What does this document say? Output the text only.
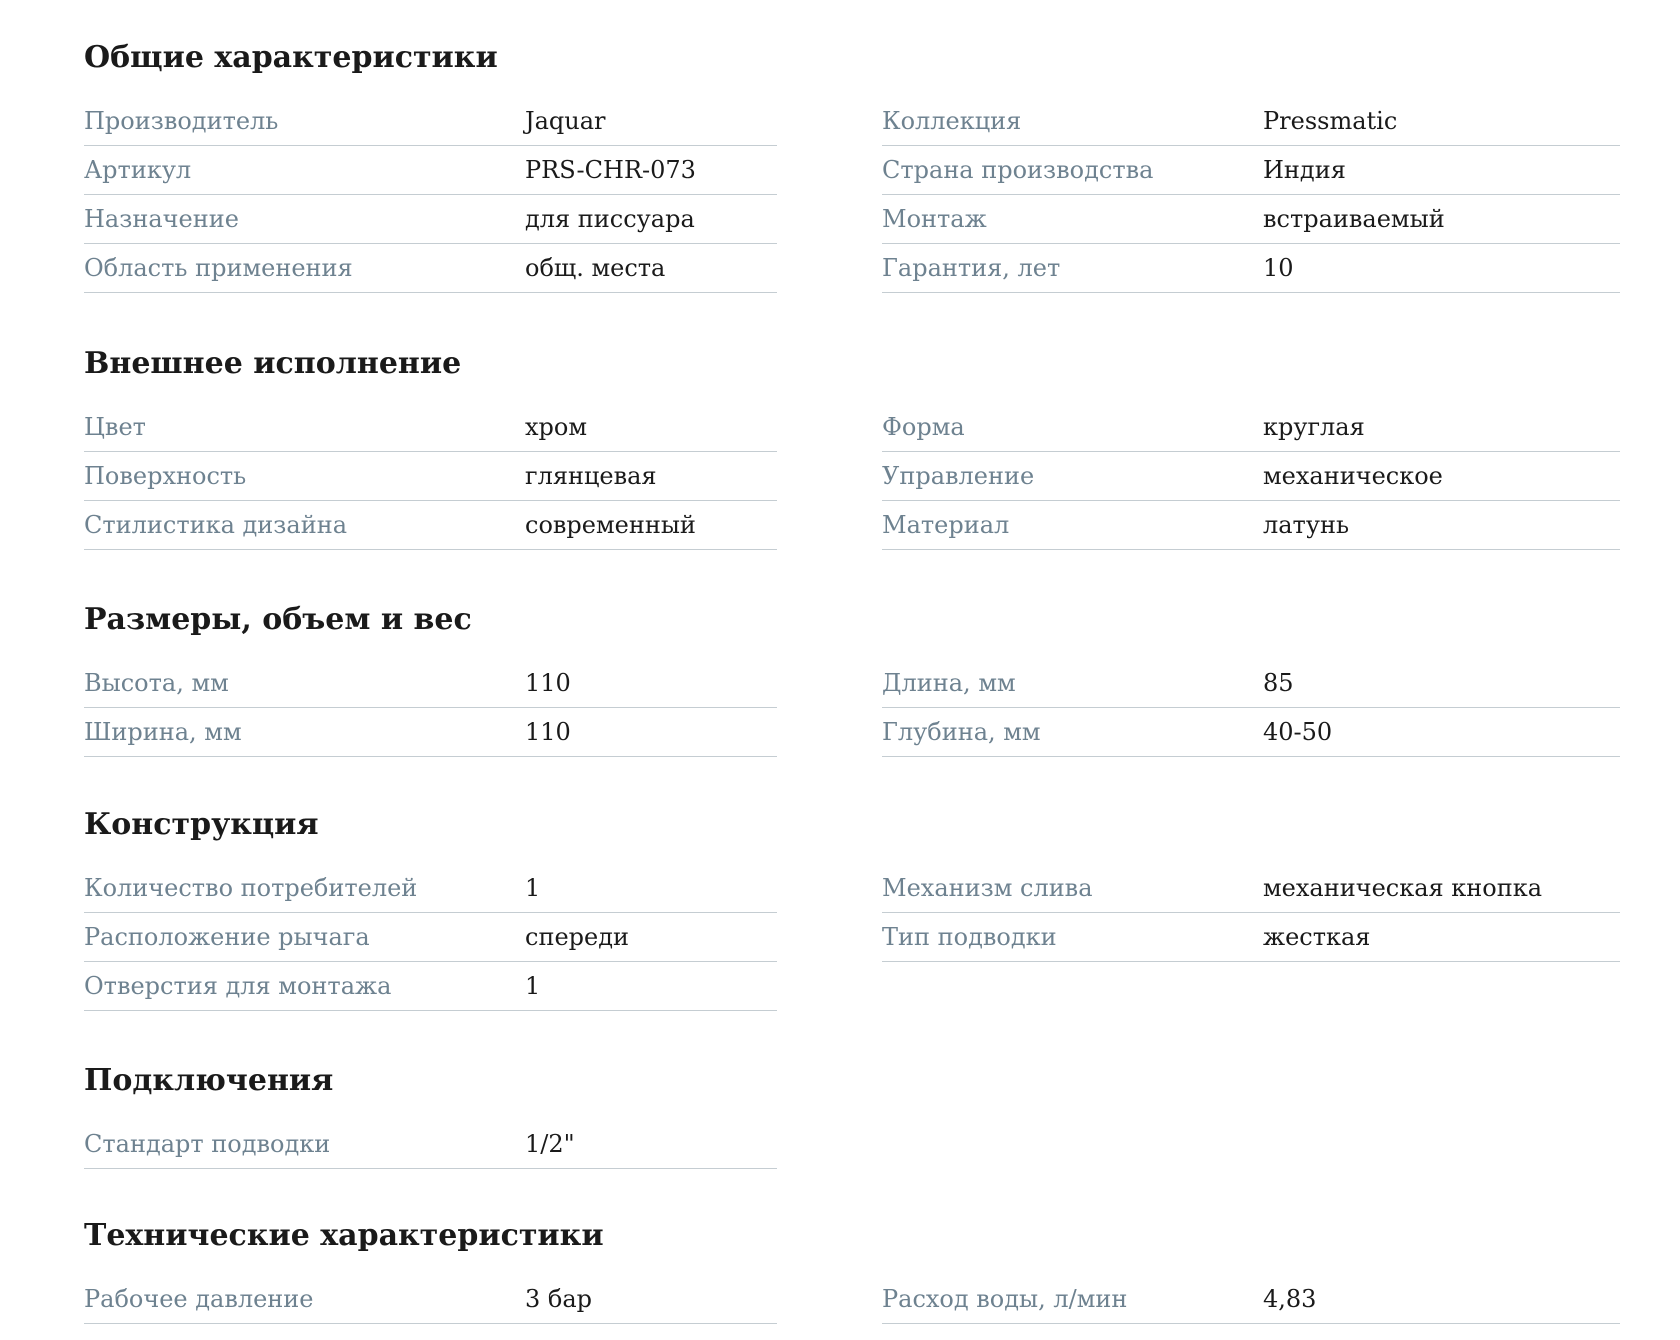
Общие характеристики
Производитель	Jaquar
Артикул	PRS-CHR-073
Назначение	для писсуара
Область применения	общ. места
Коллекция	Pressmatic
Страна производства	Индия
Монтаж	встраиваемый
Гарантия, лет	10
Внешнее исполнение
Цвет	хром
Поверхность	глянцевая
Стилистика дизайна	современный
Форма	круглая
Управление	механическое
Материал	латунь
Размеры, объем и вес
Высота, мм	110
Ширина, мм	110
Длина, мм	85
Глубина, мм	40-50
Конструкция
Количество потребителей	1
Расположение рычага	спереди
Отверстия для монтажа	1
Механизм слива	механическая кнопка
Тип подводки	жесткая
Подключения
Стандарт подводки	1/2"
Технические характеристики
Рабочее давление	3 бар	Расход воды, л/мин	4,83
